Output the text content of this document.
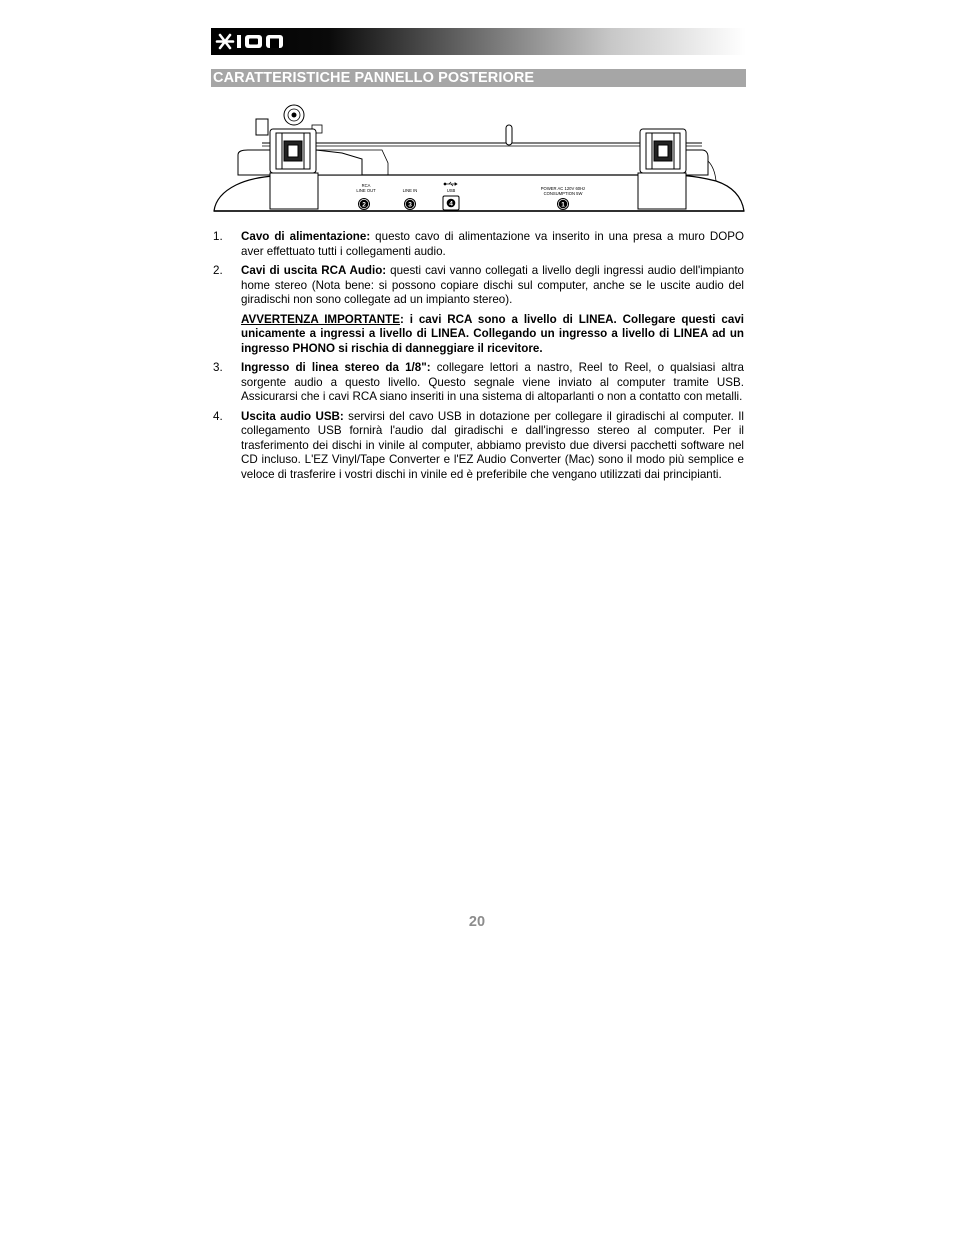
ION
CARATTERISTICHE PANNELLO POSTERIORE
RCA
LINE OUT	LINE IN	USB	POWER AC 120V 60Hz
CONSUMPTION 5W
2	3	4	1
1. Cavo di alimentazione: questo cavo di alimentazione va inserito in una presa a muro DOPO aver effettuato tutti i collegamenti audio.
2. Cavi di uscita RCA Audio: questi cavi vanno collegati a livello degli ingressi audio dell'impianto home stereo (Nota bene: si possono copiare dischi sul computer, anche se le uscite audio del giradischi non sono collegate ad un impianto stereo).
AVVERTENZA IMPORTANTE: i cavi RCA sono a livello di LINEA. Collegare questi cavi unicamente a ingressi a livello di LINEA. Collegando un ingresso a livello di LINEA ad un ingresso PHONO si rischia di danneggiare il ricevitore.
3. Ingresso di linea stereo da 1/8": collegare lettori a nastro, Reel to Reel, o qualsiasi altra sorgente audio a questo livello. Questo segnale viene inviato al computer tramite USB. Assicurarsi che i cavi RCA siano inseriti in una sistema di altoparlanti o non a contatto con metalli.
4. Uscita audio USB: servirsi del cavo USB in dotazione per collegare il giradischi al computer. Il collegamento USB fornirà l'audio dal giradischi e dall'ingresso stereo al computer. Per il trasferimento dei dischi in vinile al computer, abbiamo previsto due diversi pacchetti software nel CD incluso. L'EZ Vinyl/Tape Converter e l'EZ Audio Converter (Mac) sono il modo più semplice e veloce di trasferire i vostri dischi in vinile ed è preferibile che vengano utilizzati dai principianti.
20
